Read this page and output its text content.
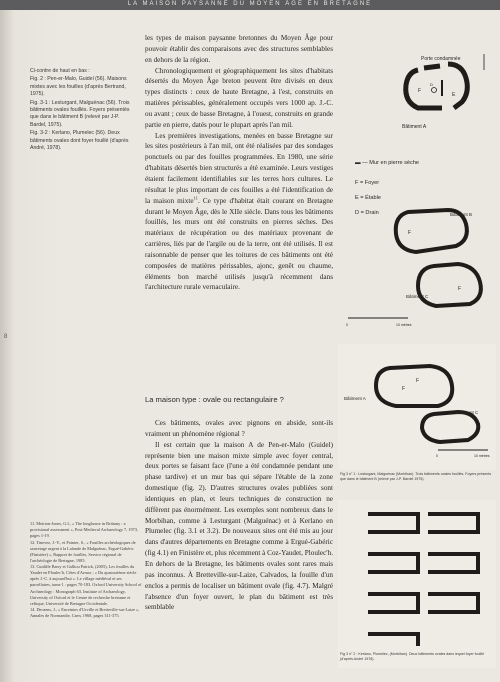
LA MAISON PAYSANNE DU MOYEN ÂGE EN BRETAGNE
8

Ci-contre de haut en bas :

Fig. 2 : Pen-er-Malo, Guidel (56). Maisons mixtes avec les fouilles (d'après Bertrand, 1975).

Fig. 3-1 : Lesturgant, Malguénac (56). Trois bâtiments ovales fouillés. Foyers présentés que dans le bâtiment B (relevé par J-P. Bardel, 1975).

Fig. 3-2 : Kerlano, Plumelec (56). Deux bâtiments ovales dont foyer fouillé (d'après André, 1978).

les types de maison paysanne bretonnes du Moyen Âge pour pouvoir établir des comparaisons avec des structures semblables en dehors de la région.

Chronologiquement et géographiquement les sites d'habitats désertés du Moyen Âge breton peuvent être divisés en deux types distincts : ceux de haute Bretagne, à l'est, construits en matières périssables, généralement occupés vers 1000 ap. J.-C. ou avant ; ceux de basse Bretagne, à l'ouest, construits en grande partie en pierre, datés pour le plupart après l'an mil.

Les premières investigations, menées en basse Bretagne sur les sites postérieurs à l'an mil, ont été réalisées par des sondages ponctuels ou par des fouilles programmées. En 1980, une série d'habitats désertés bien structurés a été examinée. Leurs vestiges étaient facilement identifiables sur les terres hors cultures. Le résultat le plus important de ces fouilles a été l'identification de la maison mixte$^{11}$. Ce type d'habitat était courant en Bretagne durant le Moyen Âge, dès le XIIe siècle. Dans tous les bâtiments fouillés, les murs ont été construits en pierres sèches. Des matériaux de récupération ou des matériaux provenant de carrières, liés par de l'argile ou de la terre, ont été utilisés. Il est raisonnable de penser que les toitures de ces bâtiments ont été composées de matières périssables, ajonc, genêt ou chaume, éléments bon marché utilisés jusqu'à récemment dans l'architecture rurale vernaculaire.

La maison type : ovale ou rectangulaire ?

Ces bâtiments, ovales avec pignons en abside, sont-ils vraiment un phénomène régional ?

Il est certain que la maison A de Pen-er-Malo (Guidel) représente bien une maison mixte simple avec foyer central, deux portes se faisant face (l'une a été condamnée pendant une phase tardive) et un mur bas qui sépare l'étable de la zone domestique (fig. 2). D'autres structures ovales publiées sont identiques en plan, et leurs techniques de construction ne diffèrent pas énormément. Les exemples sont nombreux dans le Morbihan, comme à Lesturgant (Malguénac) et à Kerlano en Plumelec (fig. 3.1 et 3.2). De nouveaux sites ont été mis au jour dans d'autres départements en Bretagne comme à Ergué-Gabéric (fig 4.1) en Finistère et, plus récemment à Coz-Yaudet, Ploulec'h. En dehors de la Bretagne, les bâtiments ovales sont rares mais pas inconnus. À Bretteville-sur-Laize, Calvados, la fouille d'un enclos a permis de localiser un bâtiment ovale (fig. 4.7). Malgré l'absence d'un foyer ouvert, le plan du bâtiment est très semblable

11. Meirion-Jones, G.I., « The longhouse in Brittany : a provisional assessment », Post-Medieval Archaeology 7, 1973, pages 1-19.

12. Tinevez, J.-Y., et Pointer, S., « Fouilles archéologiques de sauvetage urgent à la Lalande de Malguénac, Ergué-Gabéric (Finistère) », Rapport de fouilles, Service régional de l'archéologie de Bretagne, 1985.

13. Cunliffe Barry et Galliou Patrick, (2005), Les fouilles du Yaudet en Ploulec'h, Côtes d'Armor ; « Du quatorzième siècle après J.-C. à aujourd'hui ». Le village médiéval et ses parcellaires, tome 1 : pages 70-183. Oxford University School of Archaeology : Monograph 63, Institute of Archaeology, University of Oxford et le Centre de recherche bretonne et celtique, Université de Bretagne Occidentale.

14. Decaens, J., « Enceintes d'Urville et Bretteville-sur-Laize », Annales de Normandie, Caen, 1968, pages 311-375.

Porte condamnée
F
D
E
Bâtiment A
▬ — Mur en pierre sèche
F = Foyer
E = Étable
D = Drain	Bâtiment B
F
Bâtiment C
F
0	10 mètres
F
F
Bâtiment A
Bâtiment C
0	10 mètres
Fig 3 n° 1 : Lesturgant, Malguénac (Morbihan). Trois bâtiments ovales fouillés. Foyers présents que dans le bâtiment B (relevé par J-P. Bardel 1975).
Fig 3 n° 2 : Kerlano, Plumelec, (Morbihan). Deux bâtiments ovales dans lequel foyer fouillé (d'après André 1978).
